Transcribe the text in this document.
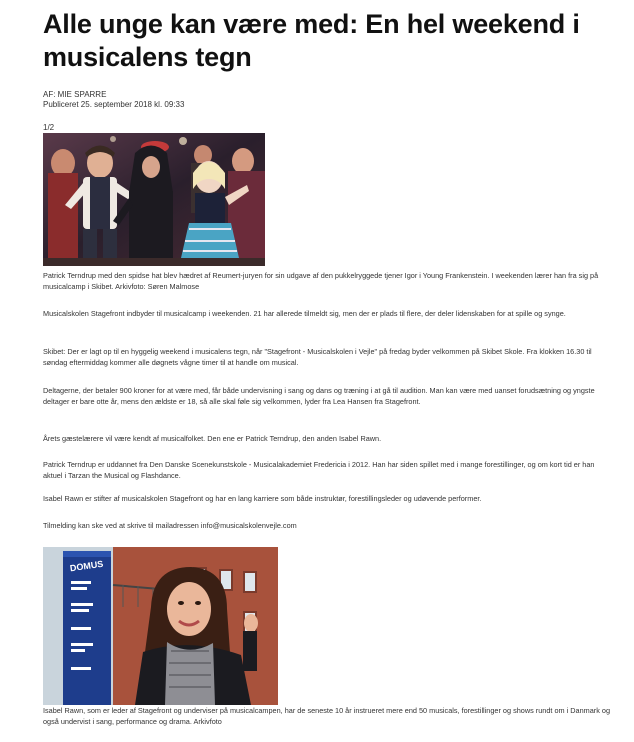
Alle unge kan være med: En hel weekend i musicalens tegn
AF: MIE SPARRE
Publiceret 25. september 2018 kl. 09:33
1/2

Patrick Terndrup med den spidse hat blev hædret af Reumert-juryen for sin udgave af den pukkelryggede tjener Igor i Young Frankenstein. I weekenden lærer han fra sig på musicalcamp i Skibet. Arkivfoto: Søren Malmose

Musicalskolen Stagefront indbyder til musicalcamp i weekenden. 21 har allerede tilmeldt sig, men der er plads til flere, der deler lidenskaben for at spille og synge.

Skibet: Der er lagt op til en hyggelig weekend i musicalens tegn, når "Stagefront - Musicalskolen i Vejle" på fredag byder velkommen på Skibet Skole. Fra klokken 16.30 til søndag eftermiddag kommer alle døgnets vågne timer til at handle om musical.

Deltagerne, der betaler 900 kroner for at være med, får både undervisning i sang og dans og træning i at gå til audition. Man kan være med uanset forudsætning og yngste deltager er bare otte år, mens den ældste er 18, så alle skal føle sig velkommen, lyder fra Lea Hansen fra Stagefront.

Årets gæstelærere vil være kendt af musicalfolket. Den ene er Patrick Terndrup, den anden Isabel Rawn.

Patrick Terndrup er uddannet fra Den Danske Scenekunstskole - Musicalakademiet Fredericia i 2012. Han har siden spillet med i mange forestillinger, og om kort tid er han aktuel i Tarzan the Musical og Flashdance.

Isabel Rawn er stifter af musicalskolen Stagefront og har en lang karriere som både instruktør, forestillingsleder og udøvende performer.

Tilmelding kan ske ved at skrive til mailadressen info@musicalskolenvejle.com

DOMUS

Isabel Rawn, som er leder af Stagefront og underviser på musicalcampen, har de seneste 10 år instrueret mere end 50 musicals, forestillinger og shows rundt om i Danmark og også undervist i sang, performance og drama. Arkivfoto
